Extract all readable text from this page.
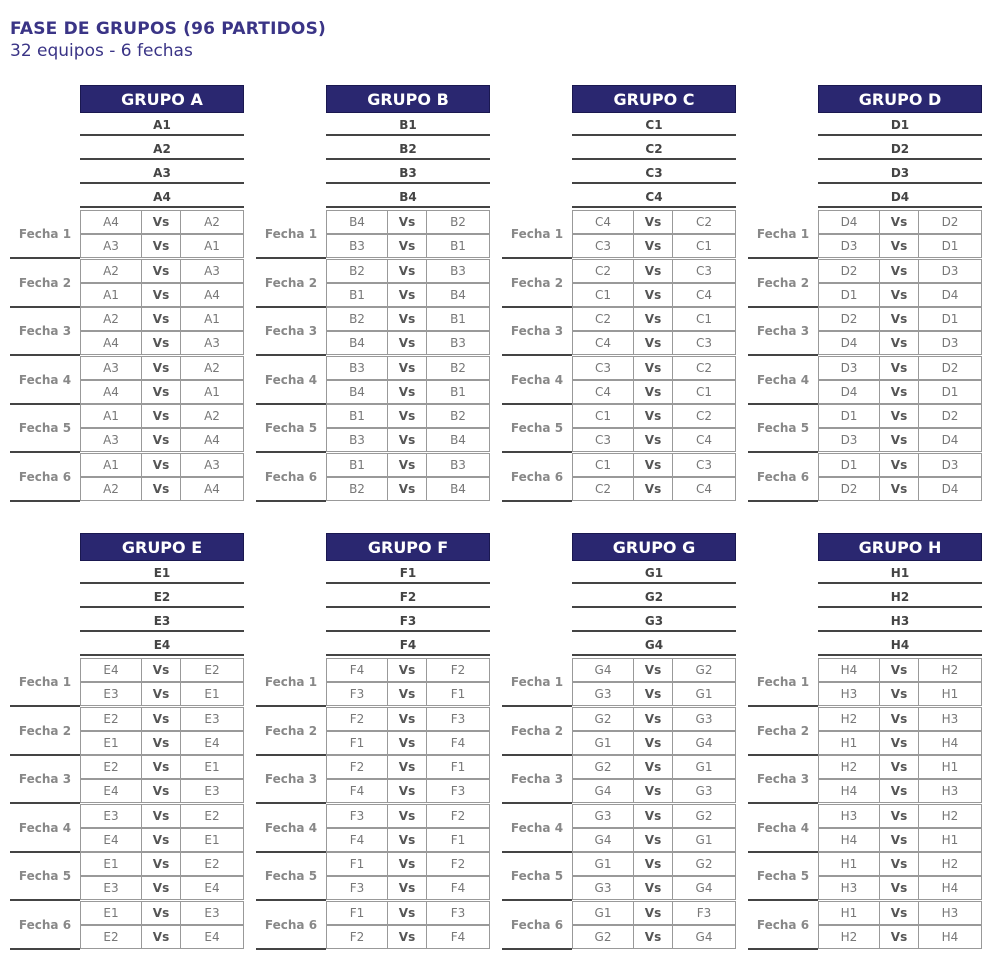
FASE DE GRUPOS (96 PARTIDOS)
32 equipos - 6 fechas
GRUPO A
A1
A2
A3
A4
Fecha 1
A4	Vs	A2
A3	Vs	A1
Fecha 2
A2	Vs	A3
A1	Vs	A4
Fecha 3
A2	Vs	A1
A4	Vs	A3
Fecha 4
A3	Vs	A2
A4	Vs	A1
Fecha 5
A1	Vs	A2
A3	Vs	A4
Fecha 6
A1	Vs	A3
A2	Vs	A4
GRUPO B
B1
B2
B3
B4
Fecha 1
B4	Vs	B2
B3	Vs	B1
Fecha 2
B2	Vs	B3
B1	Vs	B4
Fecha 3
B2	Vs	B1
B4	Vs	B3
Fecha 4
B3	Vs	B2
B4	Vs	B1
Fecha 5
B1	Vs	B2
B3	Vs	B4
Fecha 6
B1	Vs	B3
B2	Vs	B4
GRUPO C
C1
C2
C3
C4
Fecha 1
C4	Vs	C2
C3	Vs	C1
Fecha 2
C2	Vs	C3
C1	Vs	C4
Fecha 3
C2	Vs	C1
C4	Vs	C3
Fecha 4
C3	Vs	C2
C4	Vs	C1
Fecha 5
C1	Vs	C2
C3	Vs	C4
Fecha 6
C1	Vs	C3
C2	Vs	C4
GRUPO D
D1
D2
D3
D4
Fecha 1
D4	Vs	D2
D3	Vs	D1
Fecha 2
D2	Vs	D3
D1	Vs	D4
Fecha 3
D2	Vs	D1
D4	Vs	D3
Fecha 4
D3	Vs	D2
D4	Vs	D1
Fecha 5
D1	Vs	D2
D3	Vs	D4
Fecha 6
D1	Vs	D3
D2	Vs	D4
GRUPO E
E1
E2
E3
E4
Fecha 1
E4	Vs	E2
E3	Vs	E1
Fecha 2
E2	Vs	E3
E1	Vs	E4
Fecha 3
E2	Vs	E1
E4	Vs	E3
Fecha 4
E3	Vs	E2
E4	Vs	E1
Fecha 5
E1	Vs	E2
E3	Vs	E4
Fecha 6
E1	Vs	E3
E2	Vs	E4
GRUPO F
F1
F2
F3
F4
Fecha 1
F4	Vs	F2
F3	Vs	F1
Fecha 2
F2	Vs	F3
F1	Vs	F4
Fecha 3
F2	Vs	F1
F4	Vs	F3
Fecha 4
F3	Vs	F2
F4	Vs	F1
Fecha 5
F1	Vs	F2
F3	Vs	F4
Fecha 6
F1	Vs	F3
F2	Vs	F4
GRUPO G
G1
G2
G3
G4
Fecha 1
G4	Vs	G2
G3	Vs	G1
Fecha 2
G2	Vs	G3
G1	Vs	G4
Fecha 3
G2	Vs	G1
G4	Vs	G3
Fecha 4
G3	Vs	G2
G4	Vs	G1
Fecha 5
G1	Vs	G2
G3	Vs	G4
Fecha 6
G1	Vs	F3
G2	Vs	G4
GRUPO H
H1
H2
H3
H4
Fecha 1
H4	Vs	H2
H3	Vs	H1
Fecha 2
H2	Vs	H3
H1	Vs	H4
Fecha 3
H2	Vs	H1
H4	Vs	H3
Fecha 4
H3	Vs	H2
H4	Vs	H1
Fecha 5
H1	Vs	H2
H3	Vs	H4
Fecha 6
H1	Vs	H3
H2	Vs	H4
